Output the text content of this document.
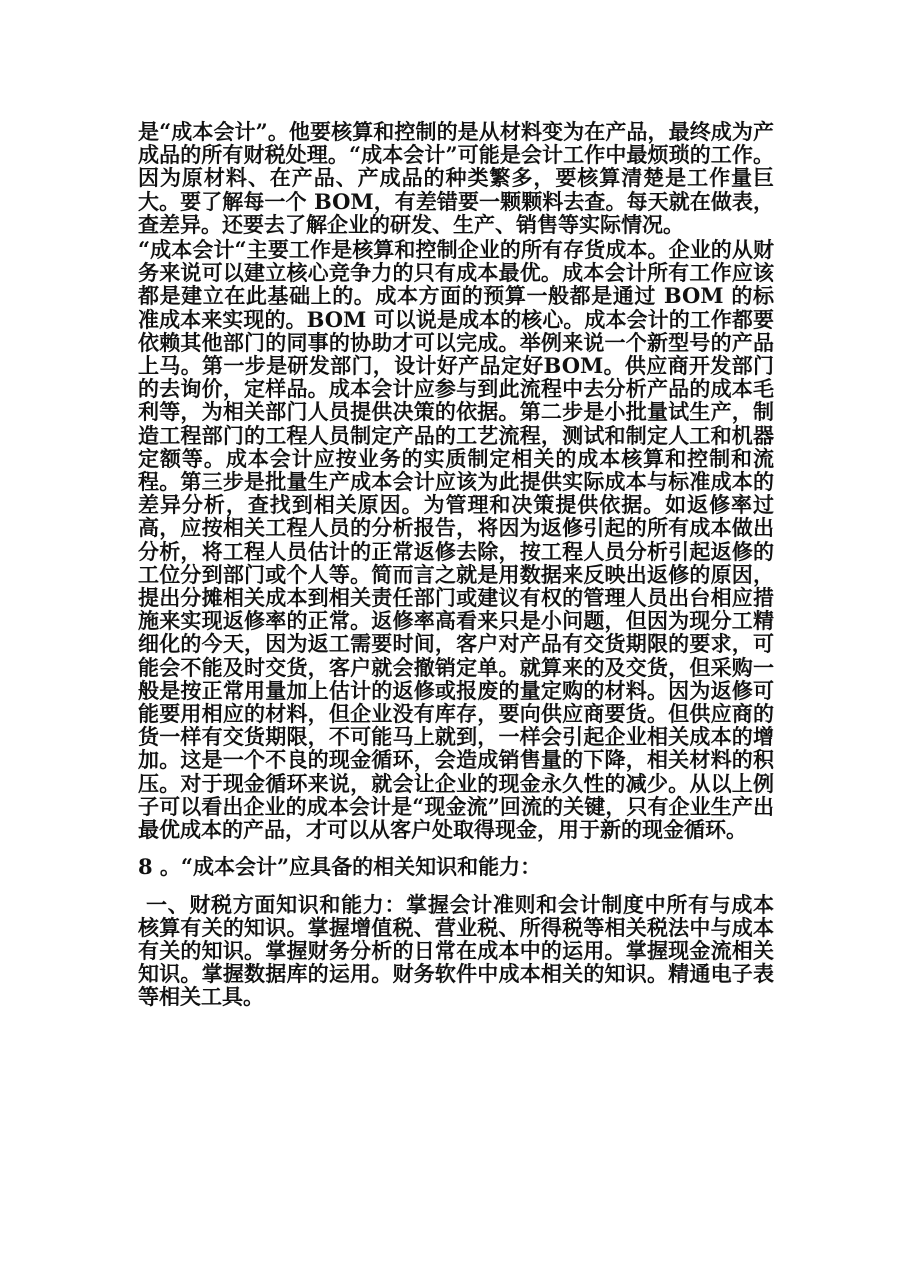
是“成本会计”。他要核算和控制的是从材料变为在产品，最终成为产成品的所有财税处理。“成本会计”可能是会计工作中最烦琐的工作。因为原材料、在产品、产成品的种类繁多，要核算清楚是工作量巨大。要了解每一个 BOM，有差错要一颗颗料去查。每天就在做表，查差异。还要去了解企业的研发、生产、销售等实际情况。

“成本会计“主要工作是核算和控制企业的所有存货成本。企业的从财务来说可以建立核心竞争力的只有成本最优。成本会计所有工作应该都是建立在此基础上的。成本方面的预算一般都是通过 BOM 的标准成本来实现的。BOM 可以说是成本的核心。成本会计的工作都要依赖其他部门的同事的协助才可以完成。举例来说一个新型号的产品上马。第一步是研发部门，设计好产品定好BOM。供应商开发部门的去询价，定样品。成本会计应参与到此流程中去分析产品的成本毛利等，为相关部门人员提供决策的依据。第二步是小批量试生产，制造工程部门的工程人员制定产品的工艺流程，测试和制定人工和机器定额等。成本会计应按业务的实质制定相关的成本核算和控制和流程。第三步是批量生产成本会计应该为此提供实际成本与标准成本的差异分析，查找到相关原因。为管理和决策提供依据。如返修率过高，应按相关工程人员的分析报告，将因为返修引起的所有成本做出分析，将工程人员估计的正常返修去除，按工程人员分析引起返修的工位分到部门或个人等。简而言之就是用数据来反映出返修的原因，提出分摊相关成本到相关责任部门或建议有权的管理人员出台相应措施来实现返修率的正常。返修率高看来只是小问题，但因为现分工精细化的今天，因为返工需要时间，客户对产品有交货期限的要求，可能会不能及时交货，客户就会撤销定单。就算来的及交货，但采购一般是按正常用量加上估计的返修或报废的量定购的材料。因为返修可能要用相应的材料，但企业没有库存，要向供应商要货。但供应商的货一样有交货期限，不可能马上就到，一样会引起企业相关成本的增加。这是一个不良的现金循环，会造成销售量的下降，相关材料的积压。对于现金循环来说，就会让企业的现金永久性的减少。从以上例子可以看出企业的成本会计是“现金流”回流的关键，只有企业生产出最优成本的产品，才可以从客户处取得现金，用于新的现金循环。

8 。“成本会计”应具备的相关知识和能力：

一、财税方面知识和能力：掌握会计准则和会计制度中所有与成本核算有关的知识。掌握增值税、营业税、所得税等相关税法中与成本有关的知识。掌握财务分析的日常在成本中的运用。掌握现金流相关知识。掌握数据库的运用。财务软件中成本相关的知识。精通电子表等相关工具。
